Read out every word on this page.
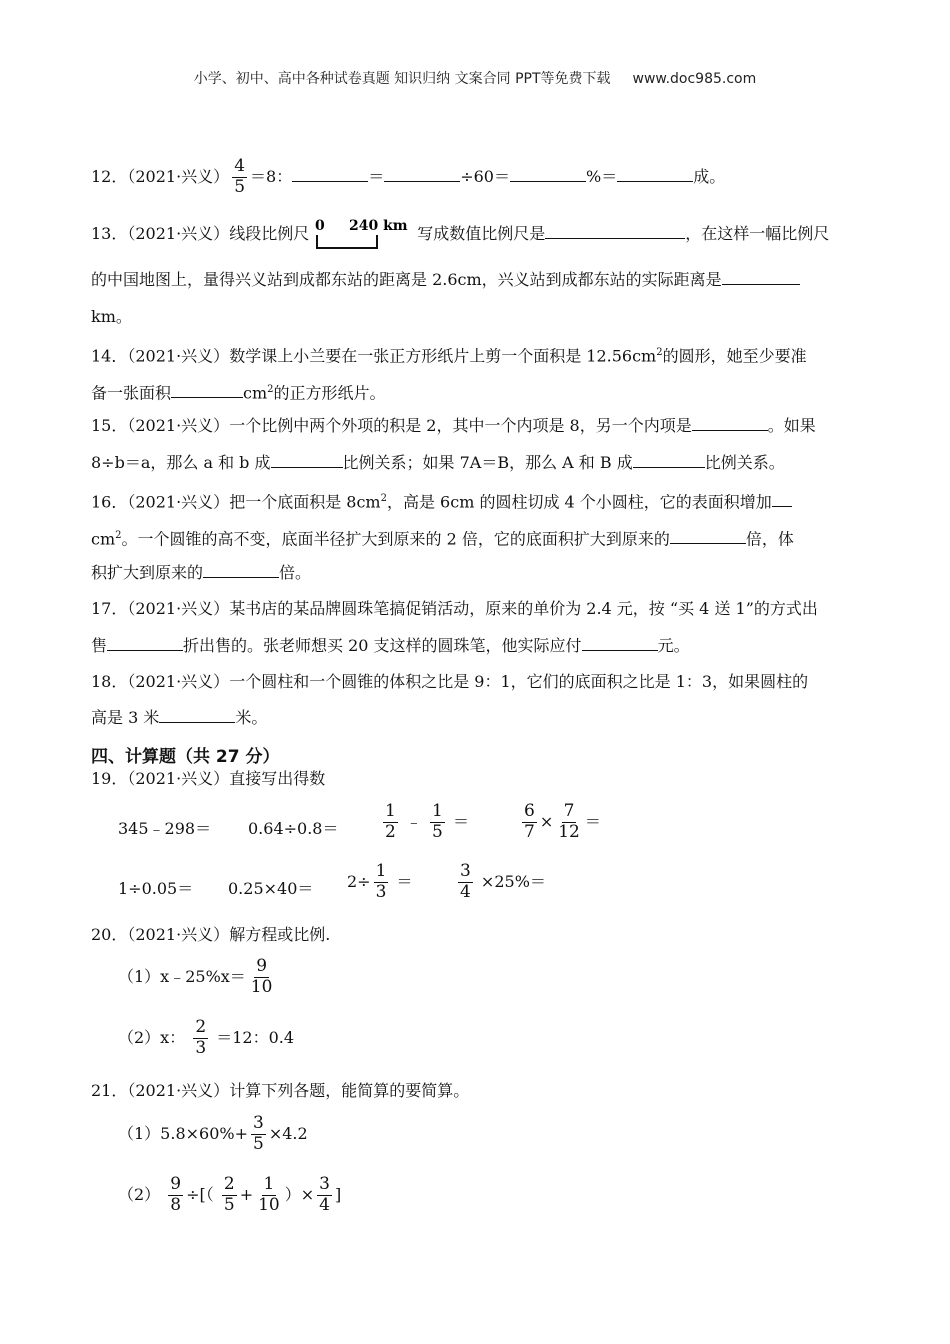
小学、初中、高中各种试卷真题 知识归纳 文案合同 PPT等免费下载 www.doc985.com
12．（2021·兴义） $\frac{4}{5} =8$：	＝	÷60＝	%＝	成。
13．（2021·兴义）线段比例尺 0 240 km 写成数值比例尺是	，在这样一幅比例尺
的中国地图上，量得兴义站到成都东站的距离是 2.6cm，兴义站到成都东站的实际距离是
km。
14．（2021·兴义）数学课上小兰要在一张正方形纸片上剪一个面积是 $12.56cm^2$的圆形，她至少要准
备一张面积	$cm^2$的正方形纸片。
15．（2021·兴义）一个比例中两个外项的积是 2，其中一个内项是 8，另一个内项是	。如果
8÷b＝a，那么 a 和 b 成	比例关系；如果 7A＝B，那么 A 和 B 成	比例关系。
16．（2021·兴义）把一个底面积是 $8cm^2$，高是 6cm 的圆柱切成 4 个小圆柱，它的表面积增加
$cm^2$。一个圆锥的高不变，底面半径扩大到原来的 2 倍，它的底面积扩大到原来的	倍，体
积扩大到原来的	倍。
17．（2021·兴义）某书店的某品牌圆珠笔搞促销活动，原来的单价为 2.4 元，按 “买 4 送 1”的方式出
售	折出售的。张老师想买 20 支这样的圆珠笔，他实际应付	元。
18．（2021·兴义）一个圆柱和一个圆锥的体积之比是 9：1，它们的底面积之比是 1：3，如果圆柱的
高是 3 米	米。
四、计算题（共 27 分）
19．（2021·兴义）直接写出得数
345﹣298＝ 0.64÷0.8＝	$\frac{1}{2}$ ﹣ $\frac{1}{5}$ ＝	$\frac{6}{7} \times \frac{7}{12}$ ＝
$1\div 0.05= 0.25\times 40= 2\div \frac{1}{3}$ ＝	$\frac{3}{4} \times 25\%=$
20．（2021·兴义）解方程或比例.
（1）x﹣25%x＝ $\frac{9}{10}$
（2）x： $\frac{2}{3} =12$：0.4
21．（2021·兴义）计算下列各题，能简算的要简算。
$(1)5.8\times 60\%+ \frac{3}{5} \times 4.2$
$(2) \frac{9}{8}$ ÷[（ $\frac{2}{5} + \frac{1}{10}$ ）× $\frac{3}{4}$ ]
